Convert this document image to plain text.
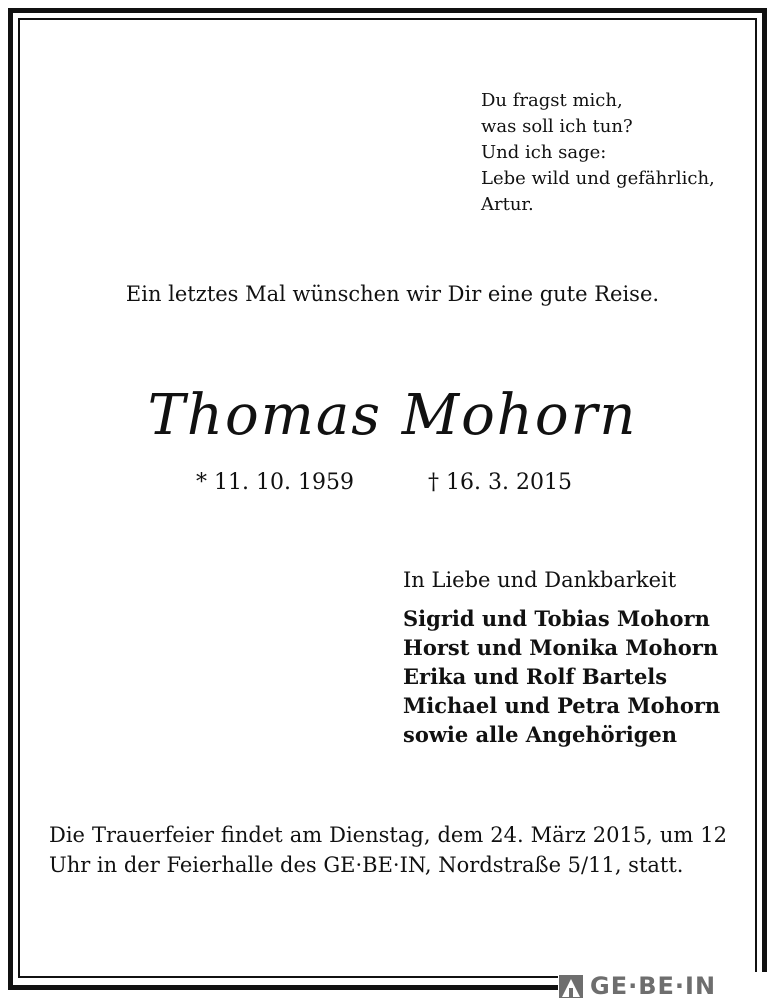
Du fragst mich,
was soll ich tun?
Und ich sage:
Lebe wild und gefährlich,
Artur.
Ein letztes Mal wünschen wir Dir eine gute Reise.
Thomas Mohorn
* 11. 10. 1959	† 16. 3. 2015
In Liebe und Dankbarkeit
Sigrid und Tobias Mohorn
Horst und Monika Mohorn
Erika und Rolf Bartels
Michael und Petra Mohorn
sowie alle Angehörigen
Die Trauerfeier findet am Dienstag, dem 24. März 2015, um 12 Uhr in der Feierhalle des GE·BE·IN, Nordstraße 5/11, statt.
GE·BE·IN
